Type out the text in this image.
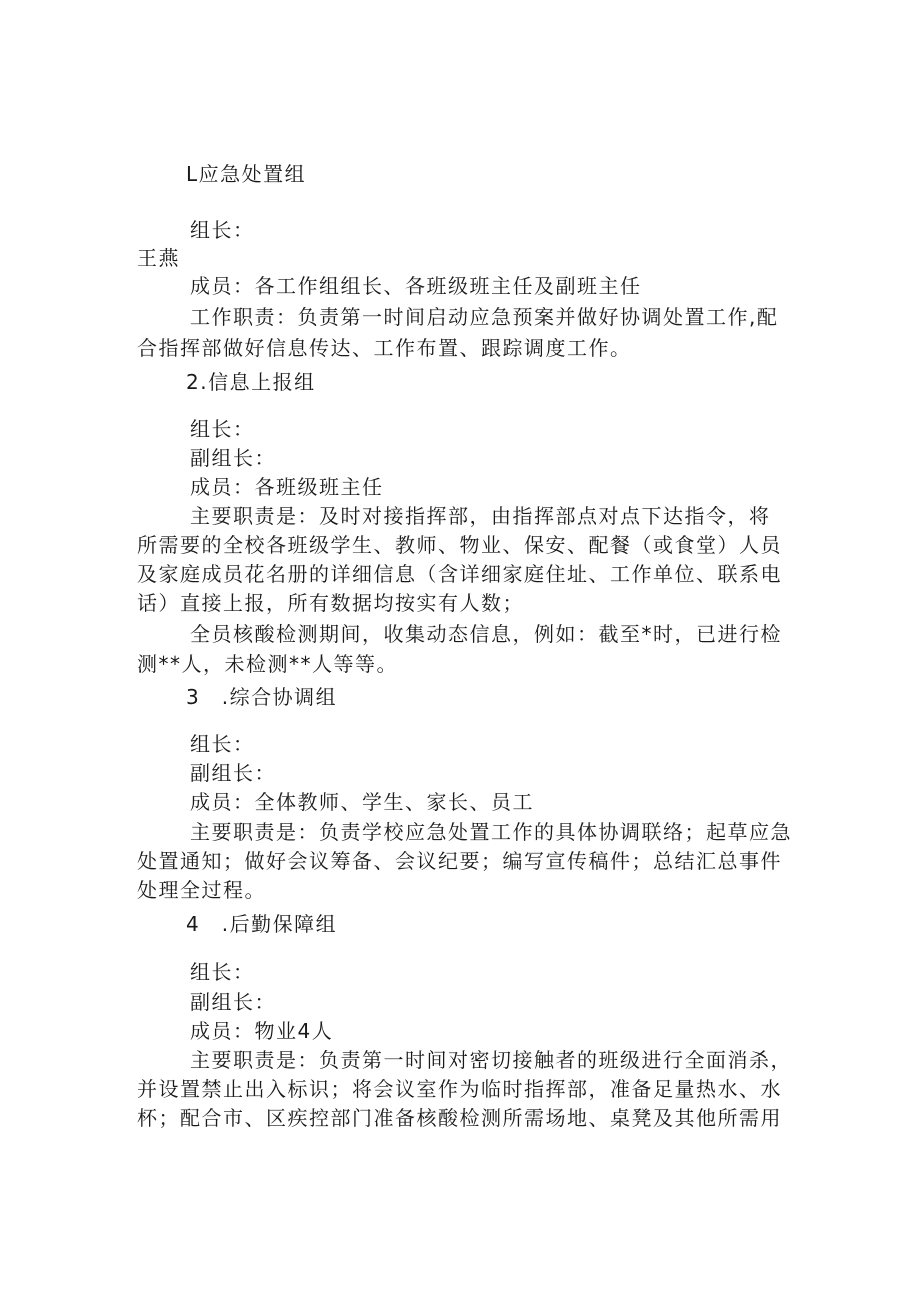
L应急处置组
组长：
王燕
成员：各工作组组长、各班级班主任及副班主任
工作职责：负责第一时间启动应急预案并做好协调处置工作,配
合指挥部做好信息传达、工作布置、跟踪调度工作。
2.信息上报组
组长：
副组长：
成员：各班级班主任
主要职责是：及时对接指挥部，由指挥部点对点下达指令，将
所需要的全校各班级学生、教师、物业、保安、配餐（或食堂）人员
及家庭成员花名册的详细信息（含详细家庭住址、工作单位、联系电
话）直接上报，所有数据均按实有人数；
全员核酸检测期间，收集动态信息，例如：截至*时，已进行检
测**人，未检测**人等等。
3　.综合协调组
组长：
副组长：
成员：全体教师、学生、家长、员工
主要职责是：负责学校应急处置工作的具体协调联络；起草应急
处置通知；做好会议筹备、会议纪要；编写宣传稿件；总结汇总事件
处理全过程。
4　.后勤保障组
组长：
副组长：
成员：物业4人
主要职责是：负责第一时间对密切接触者的班级进行全面消杀，
并设置禁止出入标识；将会议室作为临时指挥部，准备足量热水、水
杯；配合市、区疾控部门准备核酸检测所需场地、桌凳及其他所需用
